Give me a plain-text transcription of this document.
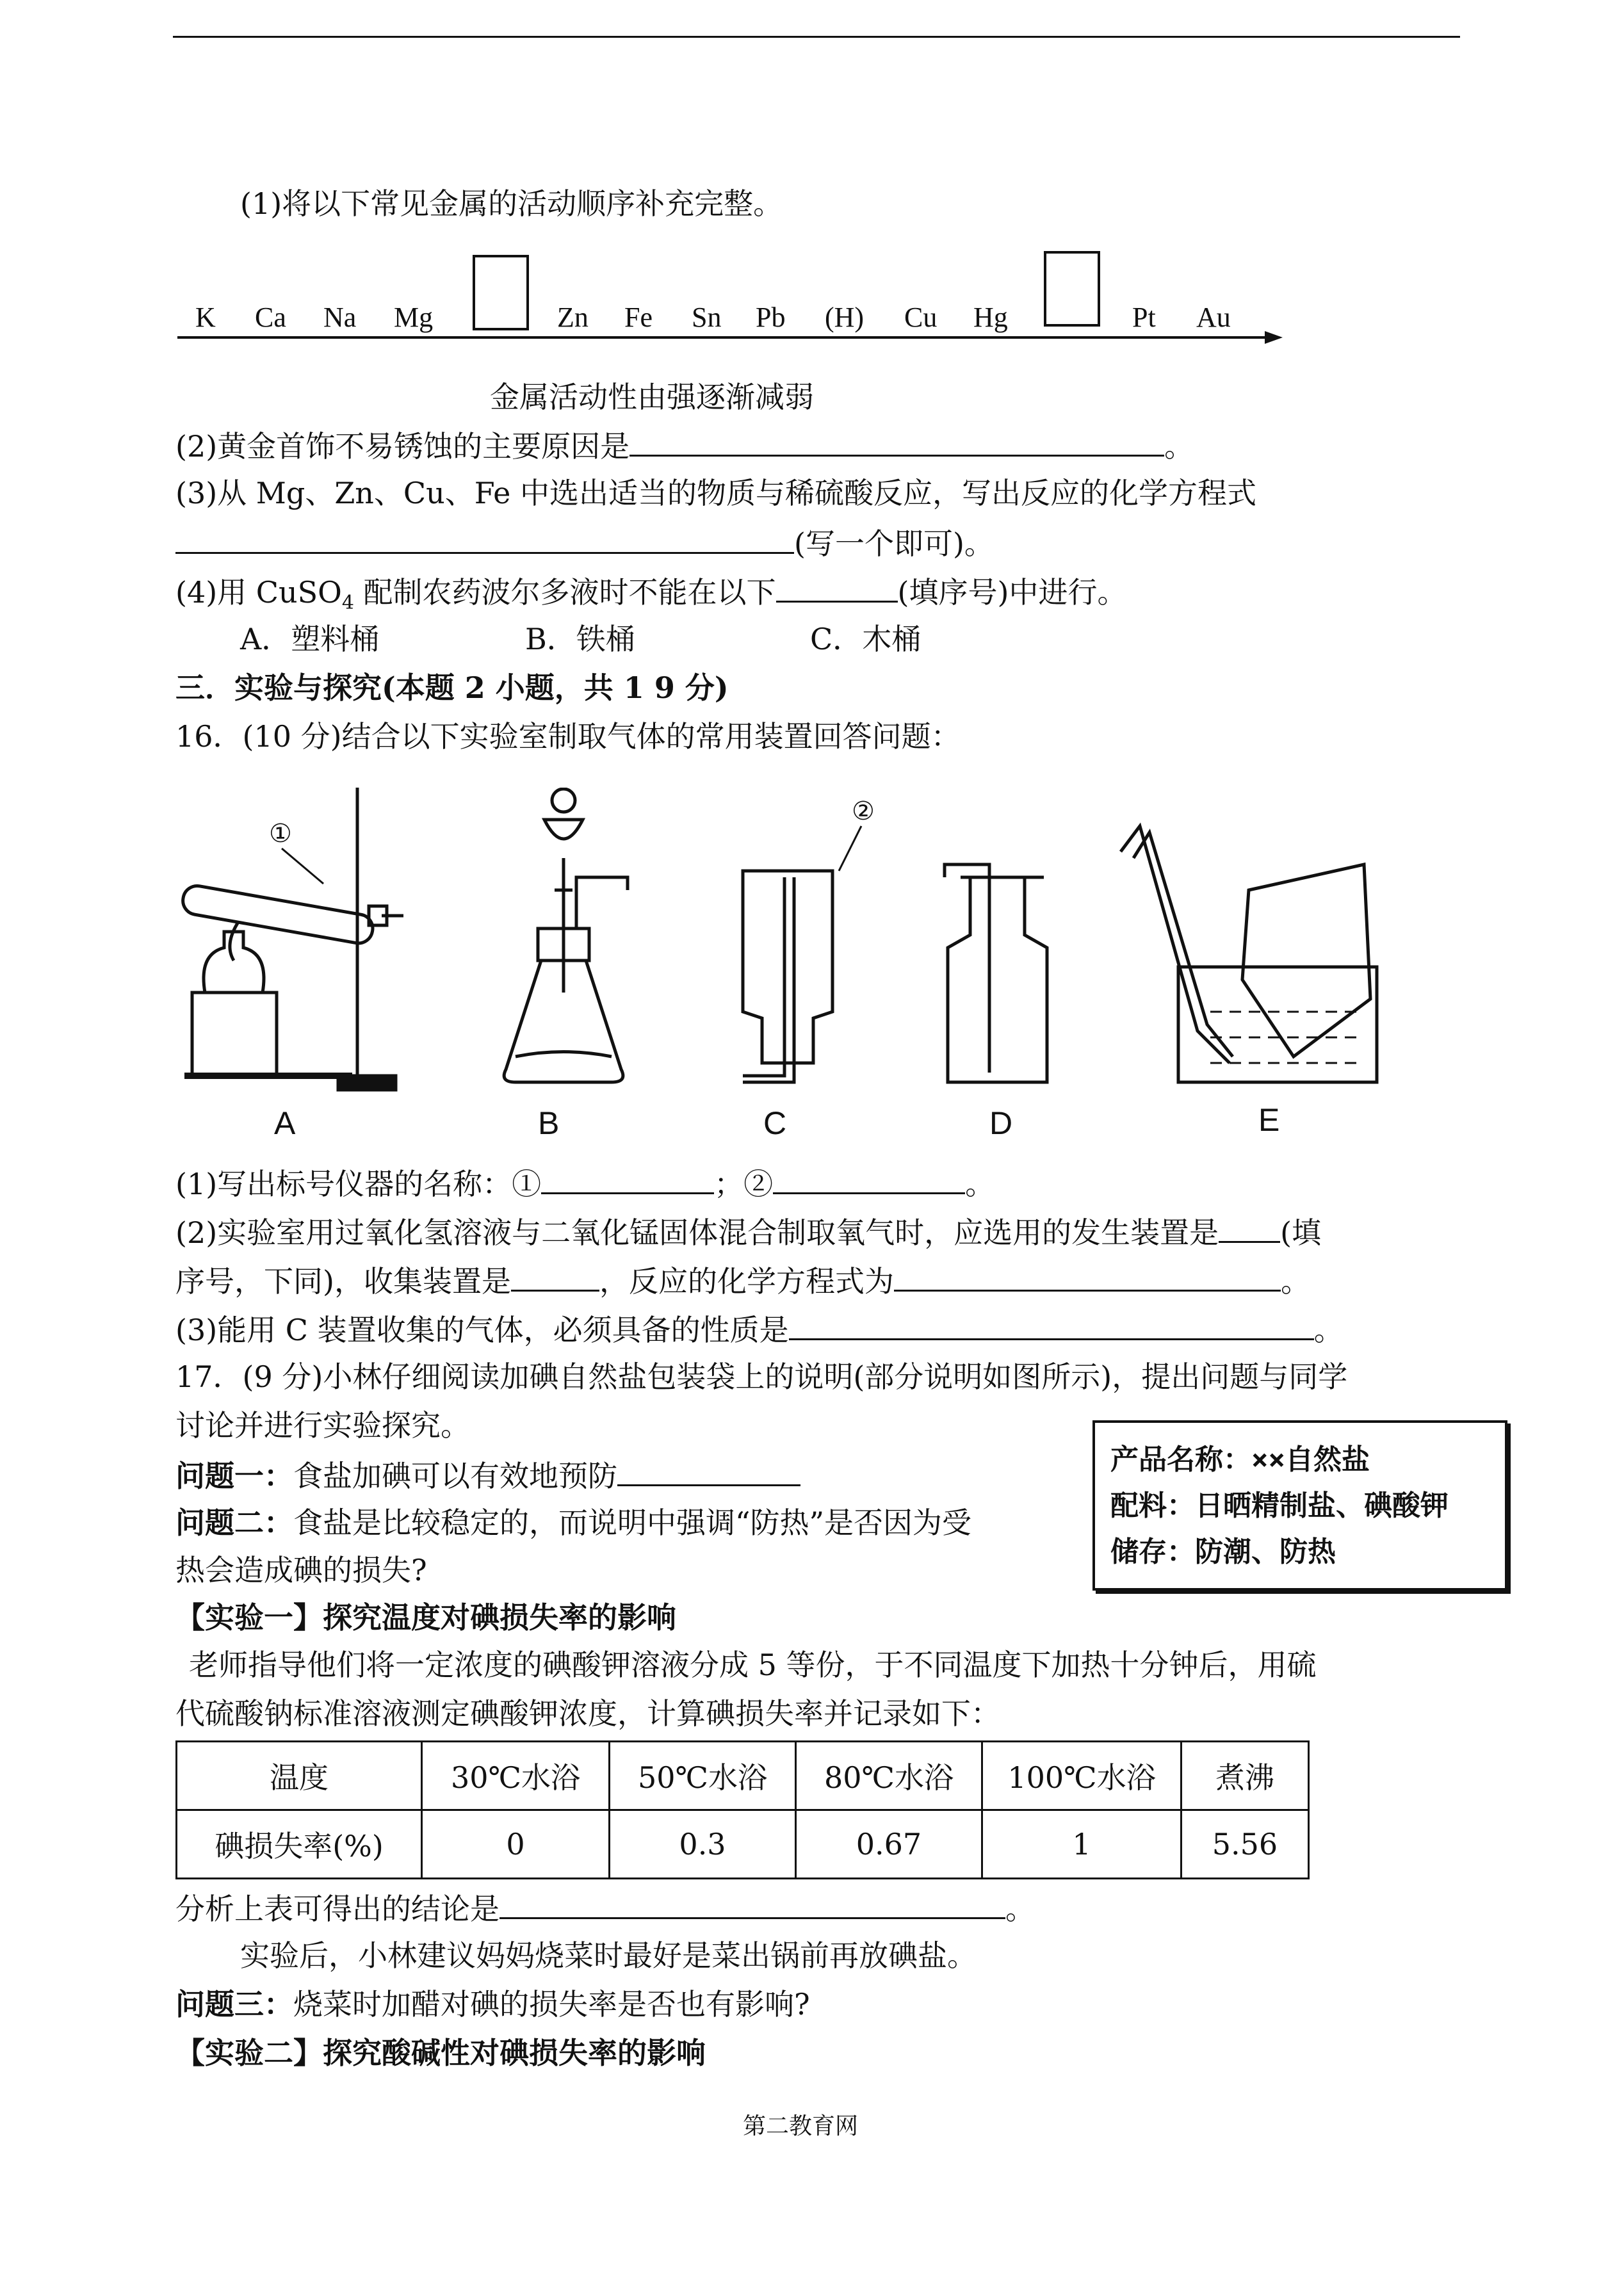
(1)将以下常见金属的活动顺序补充完整。
K Ca Na Mg	Zn Fe Sn Pb (H) Cu Hg	Pt Au
金属活动性由强逐渐减弱
(2)黄金首饰不易锈蚀的主要原因是	。
(3)从 Mg、Zn、Cu、Fe 中选出适当的物质与稀硫酸反应，写出反应的化学方程式
(写一个即可)。
(4)用 CuSO$_4$ 配制农药波尔多液时不能在以下	(填序号)中进行。
A．塑料桶	B．铁桶	C．木桶
三．实验与探究(本题 2 小题，共 1 9 分)
16．(10 分)结合以下实验室制取气体的常用装置回答问题：
①
②
A	B	C	D	E
(1)写出标号仪器的名称：①	；②	。
(2)实验室用过氧化氢溶液与二氧化锰固体混合制取氧气时，应选用的发生装置是 (填
序号，下同)，收集装置是	，反应的化学方程式为	。
(3)能用 C 装置收集的气体，必须具备的性质是	。
17．(9 分)小林仔细阅读加碘自然盐包装袋上的说明(部分说明如图所示)，提出问题与同学
讨论并进行实验探究。
问题一：食盐加碘可以有效地预防
问题二：食盐是比较稳定的，而说明中强调“防热”是否因为受
热会造成碘的损失?
产品名称：××自然盐
配料：日晒精制盐、碘酸钾
储存：防潮、防热
【实验一】探究温度对碘损失率的影响
老师指导他们将一定浓度的碘酸钾溶液分成 5 等份，于不同温度下加热十分钟后，用硫
代硫酸钠标准溶液测定碘酸钾浓度，计算碘损失率并记录如下：
温度	30℃水浴	50℃水浴	80℃水浴	100℃水浴	煮沸
碘损失率(%)	0	0.3	0.67	1	5.56
分析上表可得出的结论是	。
实验后，小林建议妈妈烧菜时最好是菜出锅前再放碘盐。
问题三：烧菜时加醋对碘的损失率是否也有影响?
【实验二】探究酸碱性对碘损失率的影响
第二教育网
